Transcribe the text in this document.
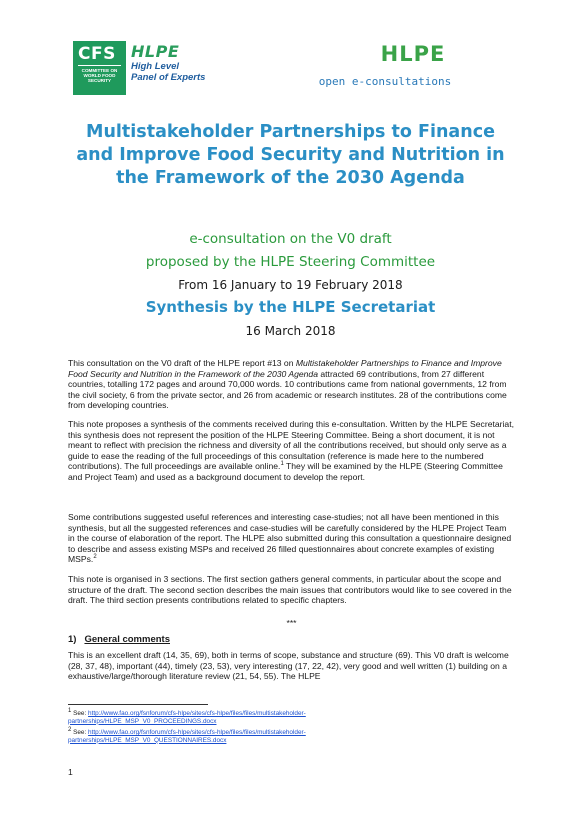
CFS
COMMITTEE ON WORLD FOOD SECURITY
HLPE
High Level
Panel of Experts
HLPE
open e-consultations
Multistakeholder Partnerships to Finance
and Improve Food Security and Nutrition in
the Framework of the 2030 Agenda
e-consultation on the V0 draft
proposed by the HLPE Steering Committee
From 16 January to 19 February 2018
Synthesis by the HLPE Secretariat
16 March 2018

This consultation on the V0 draft of the HLPE report #13 on Multistakeholder Partnerships to Finance and Improve Food Security and Nutrition in the Framework of the 2030 Agenda attracted 69 contributions, from 27 different countries, totalling 172 pages and around 70,000 words. 10 contributions came from national governments, 12 from the civil society, 6 from the private sector, and 26 from academic or research institutes. 28 of the contributions come from developing countries.

This note proposes a synthesis of the comments received during this e-consultation. Written by the HLPE Secretariat, this synthesis does not represent the position of the HLPE Steering Committee. Being a short document, it is not meant to reflect with precision the richness and diversity of all the contributions received, but should only serve as a guide to ease the reading of the full proceedings of this consultation (reference is made here to the numbered contributions). The full proceedings are available online.$^1$ They will be examined by the HLPE (Steering Committee and Project Team) and used as a background document to develop the report.

Some contributions suggested useful references and interesting case-studies; not all have been mentioned in this synthesis, but all the suggested references and case-studies will be carefully considered by the HLPE Project Team in the course of elaboration of the report. The HLPE also submitted during this consultation a questionnaire designed to describe and assess existing MSPs and received 26 filled questionnaires about concrete examples of existing MSPs.$^2$

This note is organised in 3 sections. The first section gathers general comments, in particular about the scope and structure of the draft. The second section describes the main issues that contributors would like to see covered in the draft. The third section presents contributions related to specific chapters.

***
1) General comments

This is an excellent draft (14, 35, 69), both in terms of scope, substance and structure (69). This V0 draft is welcome (28, 37, 48), important (44), timely (23, 53), very interesting (17, 22, 42), very good and well written (1) building on a exhaustive/large/thorough literature review (21, 54, 55). The HLPE

$^1$ See: http://www.fao.org/fsnforum/cfs-hlpe/sites/cfs-hlpe/files/files/multistakeholder-
partnerships/HLPE_MSP_V0_PROCEEDINGS.docx
$^2$ See: http://www.fao.org/fsnforum/cfs-hlpe/sites/cfs-hlpe/files/files/multistakeholder-
partnerships/HLPE_MSP_V0_QUESTIONNAIRES.docx
1
